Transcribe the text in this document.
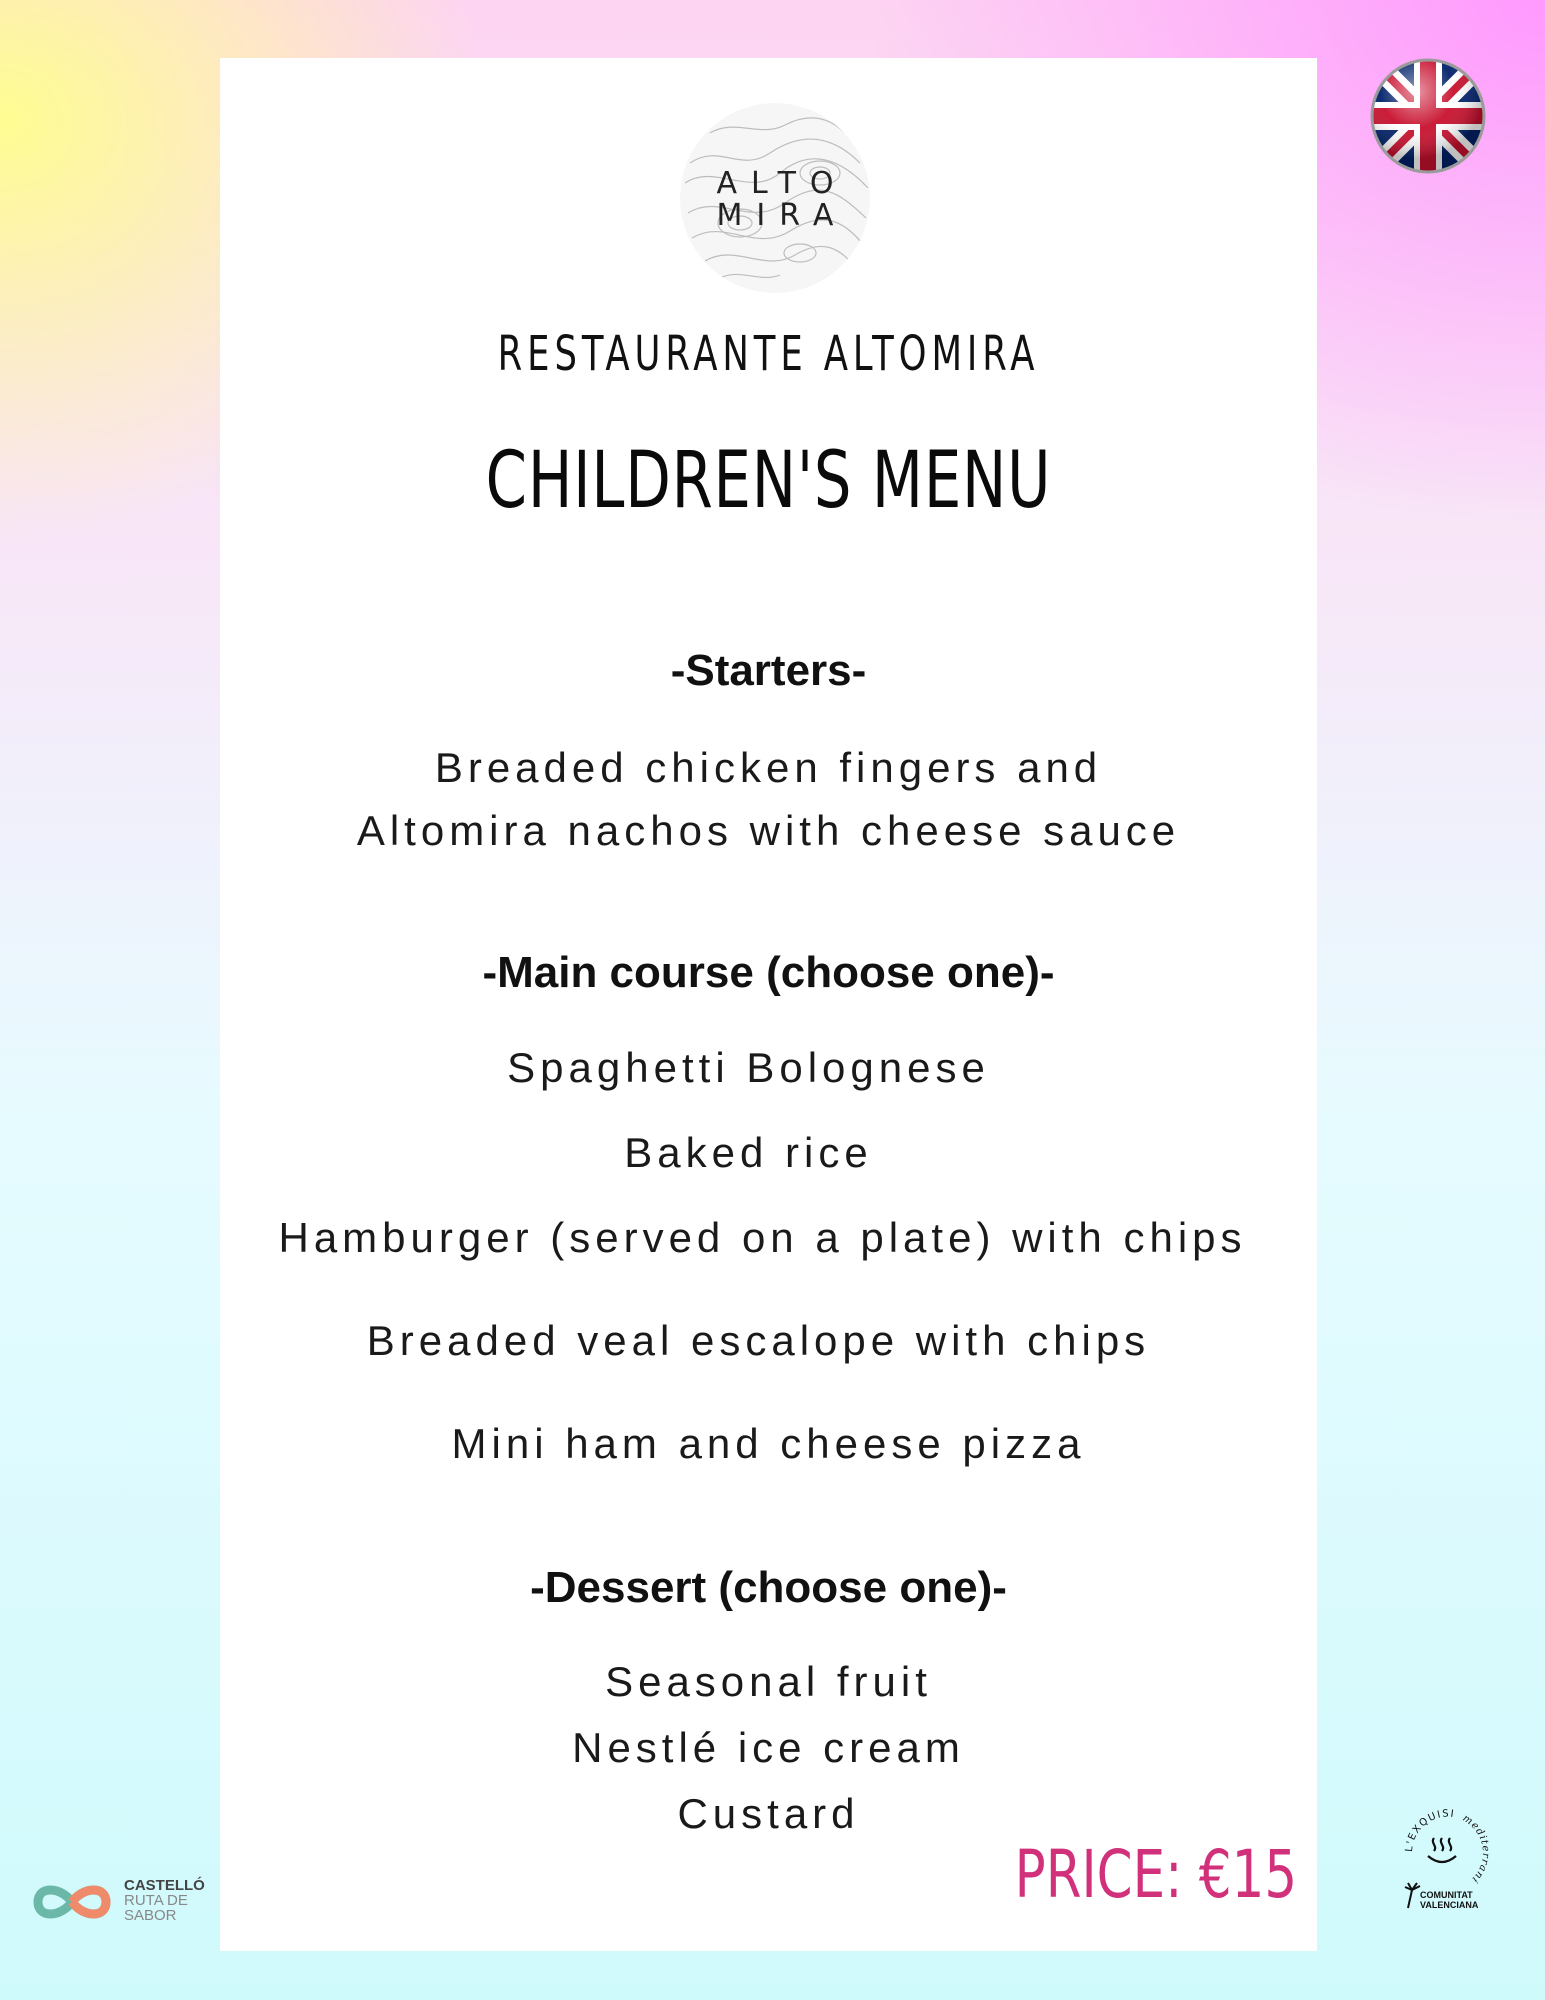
ALTO
MIRA
RESTAURANTE ALTOMIRA
CHILDREN'S MENU
-Starters-
Breaded chicken fingers and
Altomira nachos with cheese sauce
-Main course (choose one)-
Spaghetti Bolognese
Baked rice
Hamburger (served on a plate) with chips
Breaded veal escalope with chips
Mini ham and cheese pizza
-Dessert (choose one)-
Seasonal fruit
Nestlé ice cream
Custard
PRICE: €15
CASTELLÓ
RUTA DE
SABOR
L'EXQUISI mediterrani
COMUNITAT
VALENCIANA
